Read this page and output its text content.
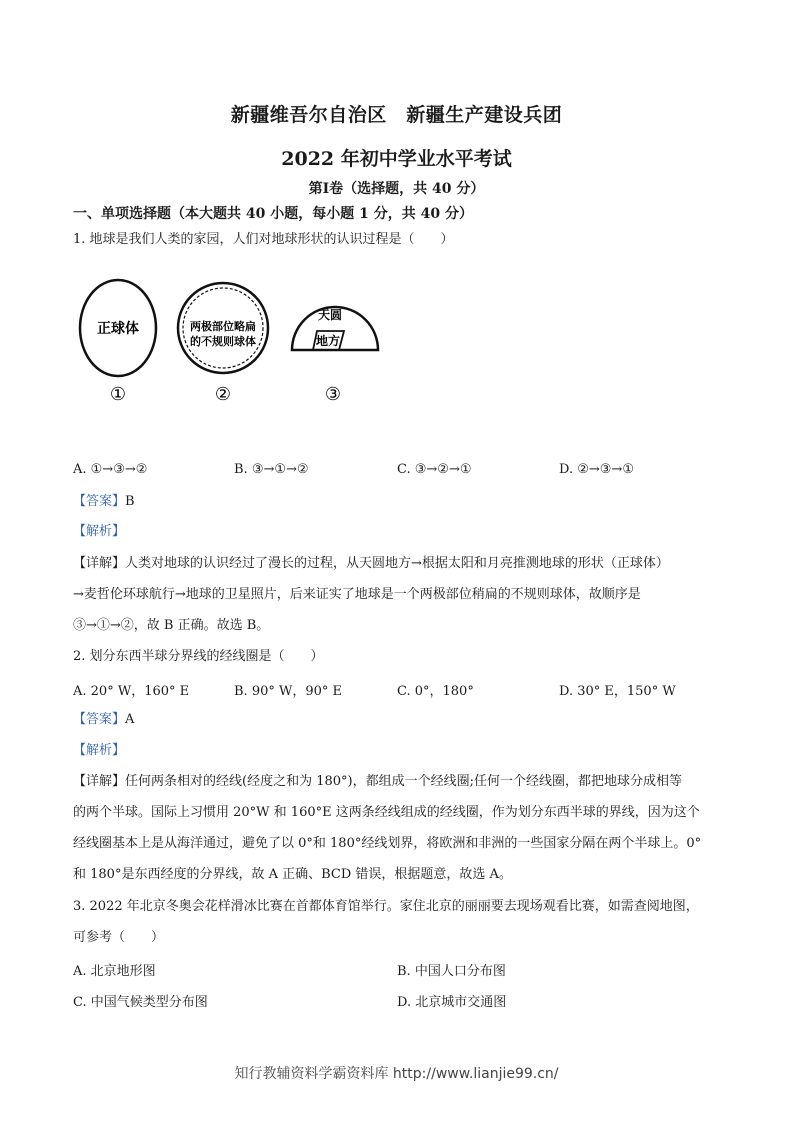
新疆维吾尔自治区　新疆生产建设兵团
2022 年初中学业水平考试
第Ⅰ卷（选择题，共 40 分）
一、单项选择题（本大题共 40 小题，每小题 1 分，共 40 分）
1. 地球是我们人类的家园，人们对地球形状的认识过程是（　　）
正球体	两极部位略扁
的不规则球体
天圆
地方
①	②	③
A. ①→③→②	B. ③→①→②	C. ③→②→①	D. ②→③→①
【答案】B
【解析】
【详解】人类对地球的认识经过了漫长的过程，从天圆地方→根据太阳和月亮推测地球的形状（正球体）
→麦哲伦环球航行→地球的卫星照片，后来证实了地球是一个两极部位稍扁的不规则球体，故顺序是
③→①→②，故 B 正确。故选 B。
2. 划分东西半球分界线的经线圈是（　　）
A. 20° W，160° E	B. 90° W，90° E	C. 0°，180°	D. 30° E，150° W
【答案】A
【解析】
【详解】任何两条相对的经线(经度之和为 180°)，都组成一个经线圈;任何一个经线圈，都把地球分成相等
的两个半球。国际上习惯用 20°W 和 160°E 这两条经线组成的经线圈，作为划分东西半球的界线，因为这个
经线圈基本上是从海洋通过，避免了以 0°和 180°经线划界，将欧洲和非洲的一些国家分隔在两个半球上。0°
和 180°是东西经度的分界线，故 A 正确、BCD 错误，根据题意，故选 A。
3. 2022 年北京冬奥会花样滑冰比赛在首都体育馆举行。家住北京的丽丽要去现场观看比赛，如需查阅地图，
可参考（　　）
A. 北京地形图	B. 中国人口分布图
C. 中国气候类型分布图	D. 北京城市交通图
知行教辅资料学霸资料库 http://www.lianjie99.cn/
